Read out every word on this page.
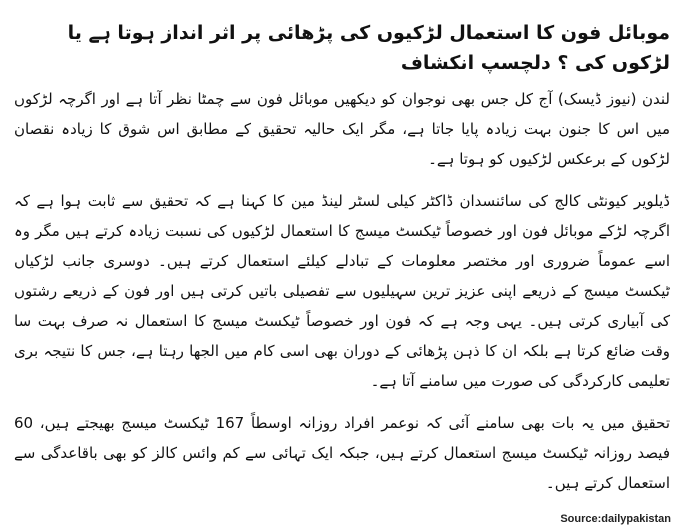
موبائل فون کا استعمال لڑکیوں کی پڑھائی پر اثر انداز ہوتا ہے یا لڑکوں کی ؟ دلچسپ انکشاف

لندن (نیوز ڈیسک) آج کل جس بھی نوجوان کو دیکھیں موبائل فون سے چمٹا نظر آتا ہے اور اگرچہ لڑکوں میں اس کا جنون بہت زیادہ پایا جاتا ہے، مگر ایک حالیہ تحقیق کے مطابق اس شوق کا زیادہ نقصان لڑکوں کے برعکس لڑکیوں کو ہوتا ہے۔

ڈیلویر کیونٹی کالج کی سائنسدان ڈاکٹر کیلی لسٹر لینڈ مین کا کہنا ہے کہ تحقیق سے ثابت ہوا ہے کہ اگرچہ لڑکے موبائل فون اور خصوصاً ٹیکسٹ میسج کا استعمال لڑکیوں کی نسبت زیادہ کرتے ہیں مگر وہ اسے عموماً ضروری اور مختصر معلومات کے تبادلے کیلئے استعمال کرتے ہیں۔ دوسری جانب لڑکیاں ٹیکسٹ میسج کے ذریعے اپنی عزیز ترین سہیلیوں سے تفصیلی باتیں کرتی ہیں اور فون کے ذریعے رشتوں کی آبیاری کرتی ہیں۔ یہی وجہ ہے کہ فون اور خصوصاً ٹیکسٹ میسج کا استعمال نہ صرف بہت سا وقت ضائع کرتا ہے بلکہ ان کا ذہن پڑھائی کے دوران بھی اسی کام میں الجھا رہتا ہے، جس کا نتیجہ بری تعلیمی کارکردگی کی صورت میں سامنے آتا ہے۔

تحقیق میں یہ بات بھی سامنے آئی کہ نوعمر افراد روزانہ اوسطاً 167 ٹیکسٹ میسج بھیجتے ہیں، 60 فیصد روزانہ ٹیکسٹ میسج استعمال کرتے ہیں، جبکہ ایک تہائی سے کم وائس کالز کو بھی باقاعدگی سے استعمال کرتے ہیں۔

Source:dailypakistan
